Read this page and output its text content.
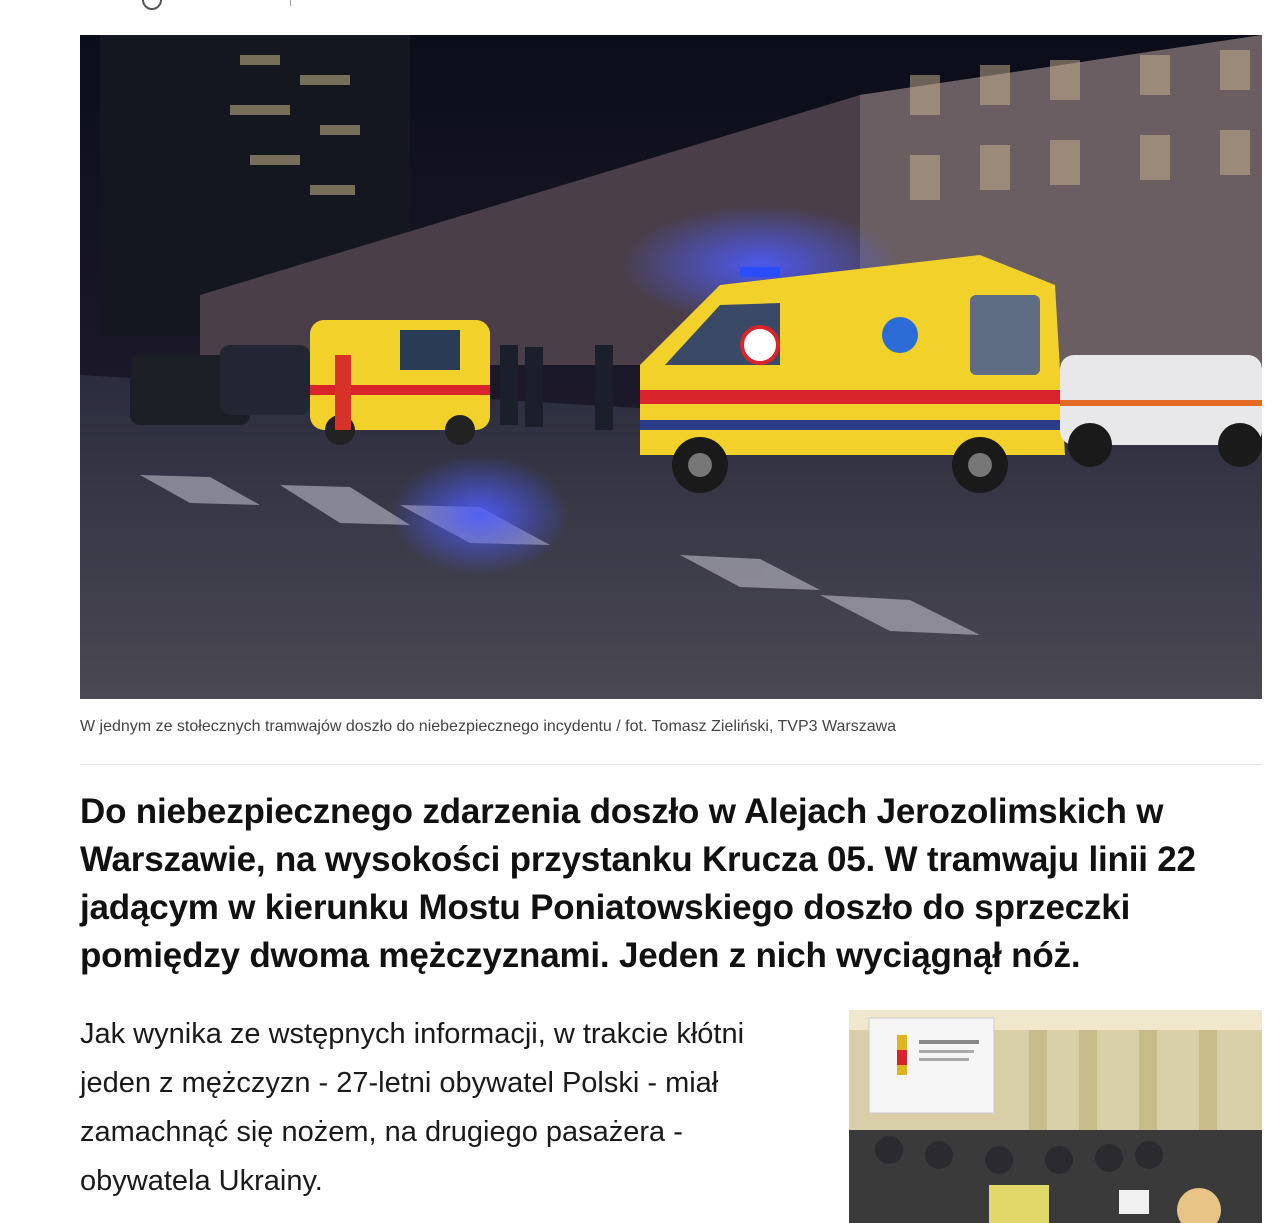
W jednym ze stołecznych tramwajów doszło do niebezpiecznego incydentu / fot. Tomasz Zieliński, TVP3 Warszawa
Do niebezpiecznego zdarzenia doszło w Alejach Jerozolimskich w Warszawie, na wysokości przystanku Krucza 05. W tramwaju linii 22 jadącym w kierunku Mostu Poniatowskiego doszło do sprzeczki pomiędzy dwoma mężczyznami. Jeden z nich wyciągnął nóż.

Jak wynika ze wstępnych informacji, w trakcie kłótni jeden z mężczyzn - 27-letni obywatel Polski - miał zamachnąć się nożem, na drugiego pasażera - obywatela Ukrainy.
